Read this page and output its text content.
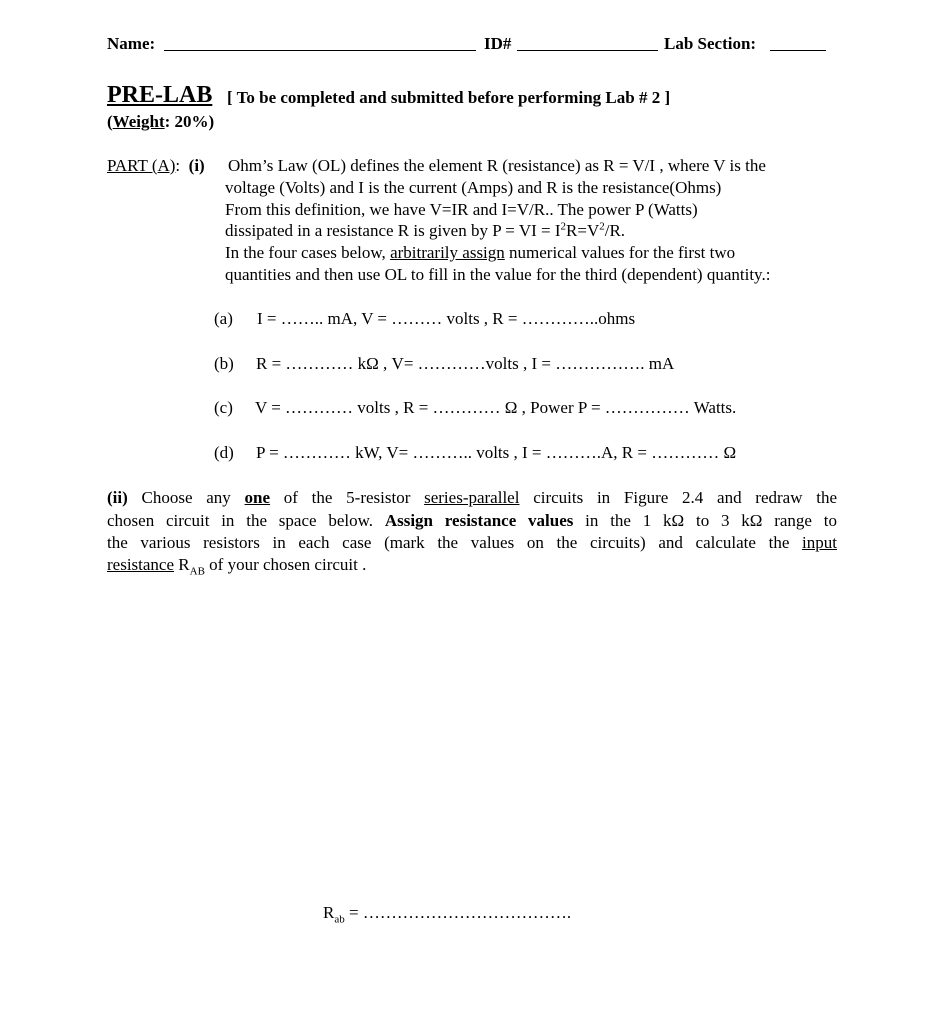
Name:	ID#	Lab Section:
PRE-LAB [ To be completed and submitted before performing Lab # 2 ]
(Weight: 20%)
PART (A): (i) Ohm’s Law (OL) defines the element R (resistance) as R = V/I , where V is the
voltage (Volts) and I is the current (Amps) and R is the resistance(Ohms)
From this definition, we have V=IR and I=V/R.. The power P (Watts)
dissipated in a resistance R is given by P = VI = $I^2R=V^2/R$.
In the four cases below, arbitrarily assign numerical values for the first two
quantities and then use OL to fill in the value for the third (dependent) quantity.:
(a) I = …….. mA, V = ……… volts , R = …………..ohms
(b) R = ………… kΩ , V= …………volts , I = ……………. mA
(c) V = ………… volts , R = ………… Ω , Power P = …………… Watts.
(d) P = ………… kW, V= ……….. volts , I = ……….A, R = ………… Ω
(ii) Choose any one of the 5-resistor series-parallel circuits in Figure 2.4 and redraw the
chosen circuit in the space below. Assign resistance values in the 1 kΩ to 3 kΩ range to
the various resistors in each case (mark the values on the circuits) and calculate the input
resistance $R_{AB}$ of your chosen circuit .
$R_{ab}$ = ……………………………….
